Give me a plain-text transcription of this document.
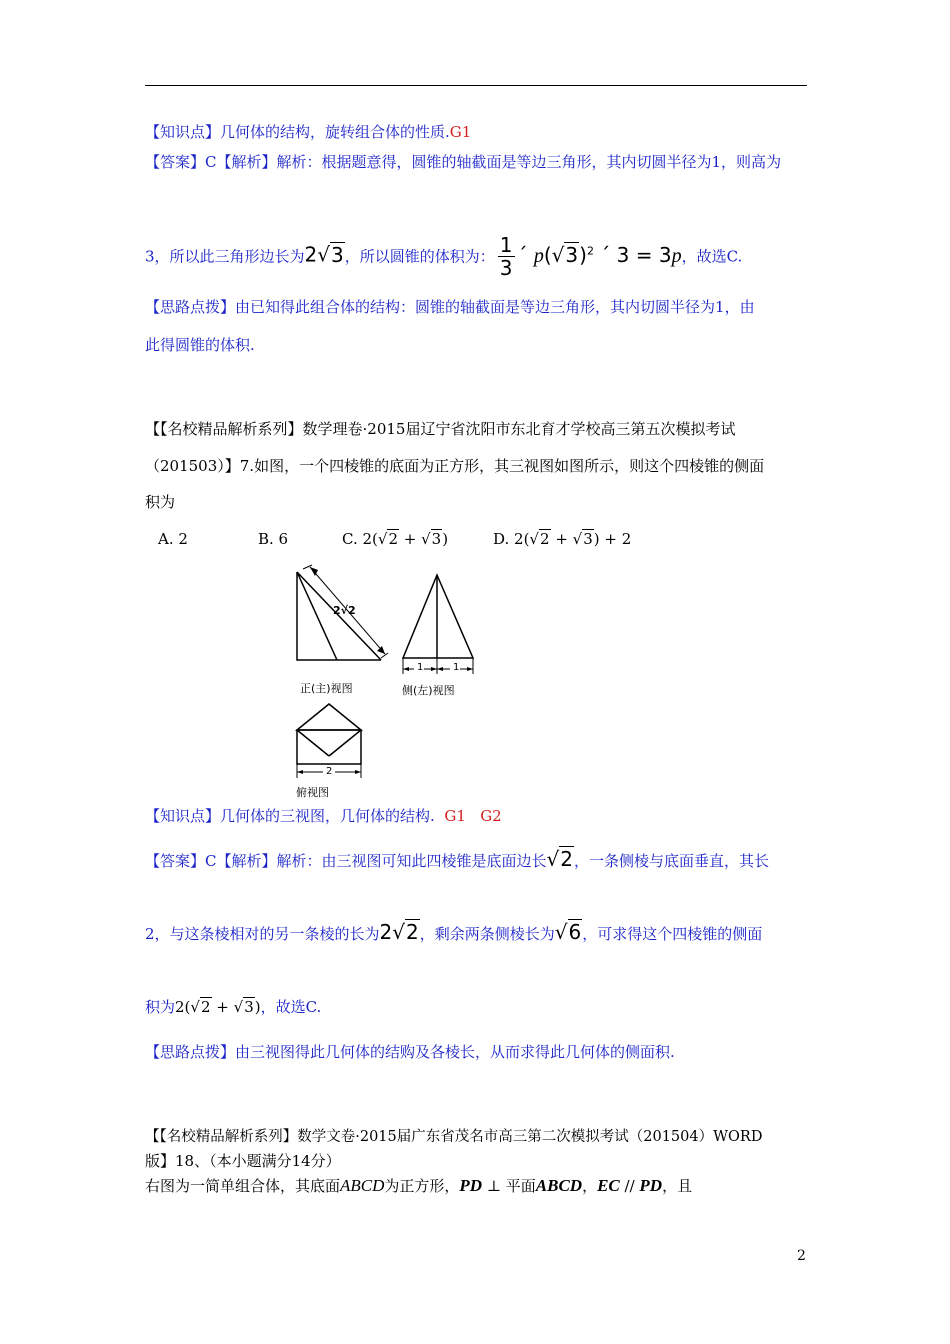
【知识点】几何体的结构，旋转组合体的性质.G1
【答案】C【解析】解析：根据题意得，圆锥的轴截面是等边三角形，其内切圆半径为1，则高为
3，所以此三角形边长为2√3，所以圆锥的体积为： $\frac{1}{3}$ ´ $p(√3)^2$ ´ 3 = 3p，故选C.
【思路点拨】由已知得此组合体的结构：圆锥的轴截面是等边三角形，其内切圆半径为1，由
此得圆锥的体积.
【【名校精品解析系列】数学理卷·2015届辽宁省沈阳市东北育才学校高三第五次模拟考试
（201503）】7.如图，一个四棱锥的底面为正方形，其三视图如图所示，则这个四棱锥的侧面
积为
A. 2	B. 6	C. 2(√2 + √3)	D. 2(√2 + √3) + 2
2√2
正(主)视图
1	1
侧(左)视图
2
俯视图
【知识点】几何体的三视图，几何体的结构. G1 G2
【答案】C【解析】解析：由三视图可知此四棱锥是底面边长√2，一条侧棱与底面垂直，其长
2，与这条棱相对的另一条棱的长为2√2，剩余两条侧棱长为√6，可求得这个四棱锥的侧面
积为2(√2 + √3)，故选C.
【思路点拨】由三视图得此几何体的结购及各棱长，从而求得此几何体的侧面积.
【【名校精品解析系列】数学文卷·2015届广东省茂名市高三第二次模拟考试（201504）WORD
版】18、（本小题满分14分）
右图为一简单组合体，其底面ABCD为正方形，PD ⊥ 平面ABCD，EC // PD，且
2
